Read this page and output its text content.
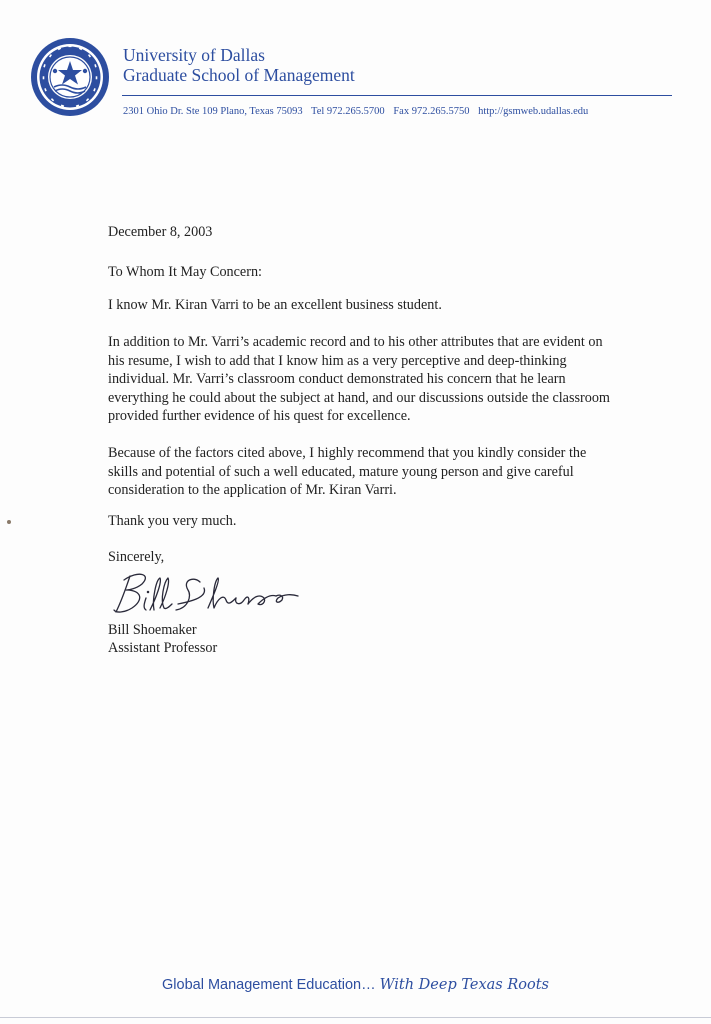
University of Dallas
Graduate School of Management
2301 Ohio Dr. Ste 109 Plano, Texas 75093 Tel 972.265.5700 Fax 972.265.5750 http://gsmweb.udallas.edu
December 8, 2003
To Whom It May Concern:
I know Mr. Kiran Varri to be an excellent business student.
In addition to Mr. Varri’s academic record and to his other attributes that are evident on
his resume, I wish to add that I know him as a very perceptive and deep-thinking
individual. Mr. Varri’s classroom conduct demonstrated his concern that he learn
everything he could about the subject at hand, and our discussions outside the classroom
provided further evidence of his quest for excellence.
Because of the factors cited above, I highly recommend that you kindly consider the
skills and potential of such a well educated, mature young person and give careful
consideration to the application of Mr. Kiran Varri.
Thank you very much.
Sincerely,
Bill Shoemaker
Assistant Professor
Global Management Education… With Deep Texas Roots
